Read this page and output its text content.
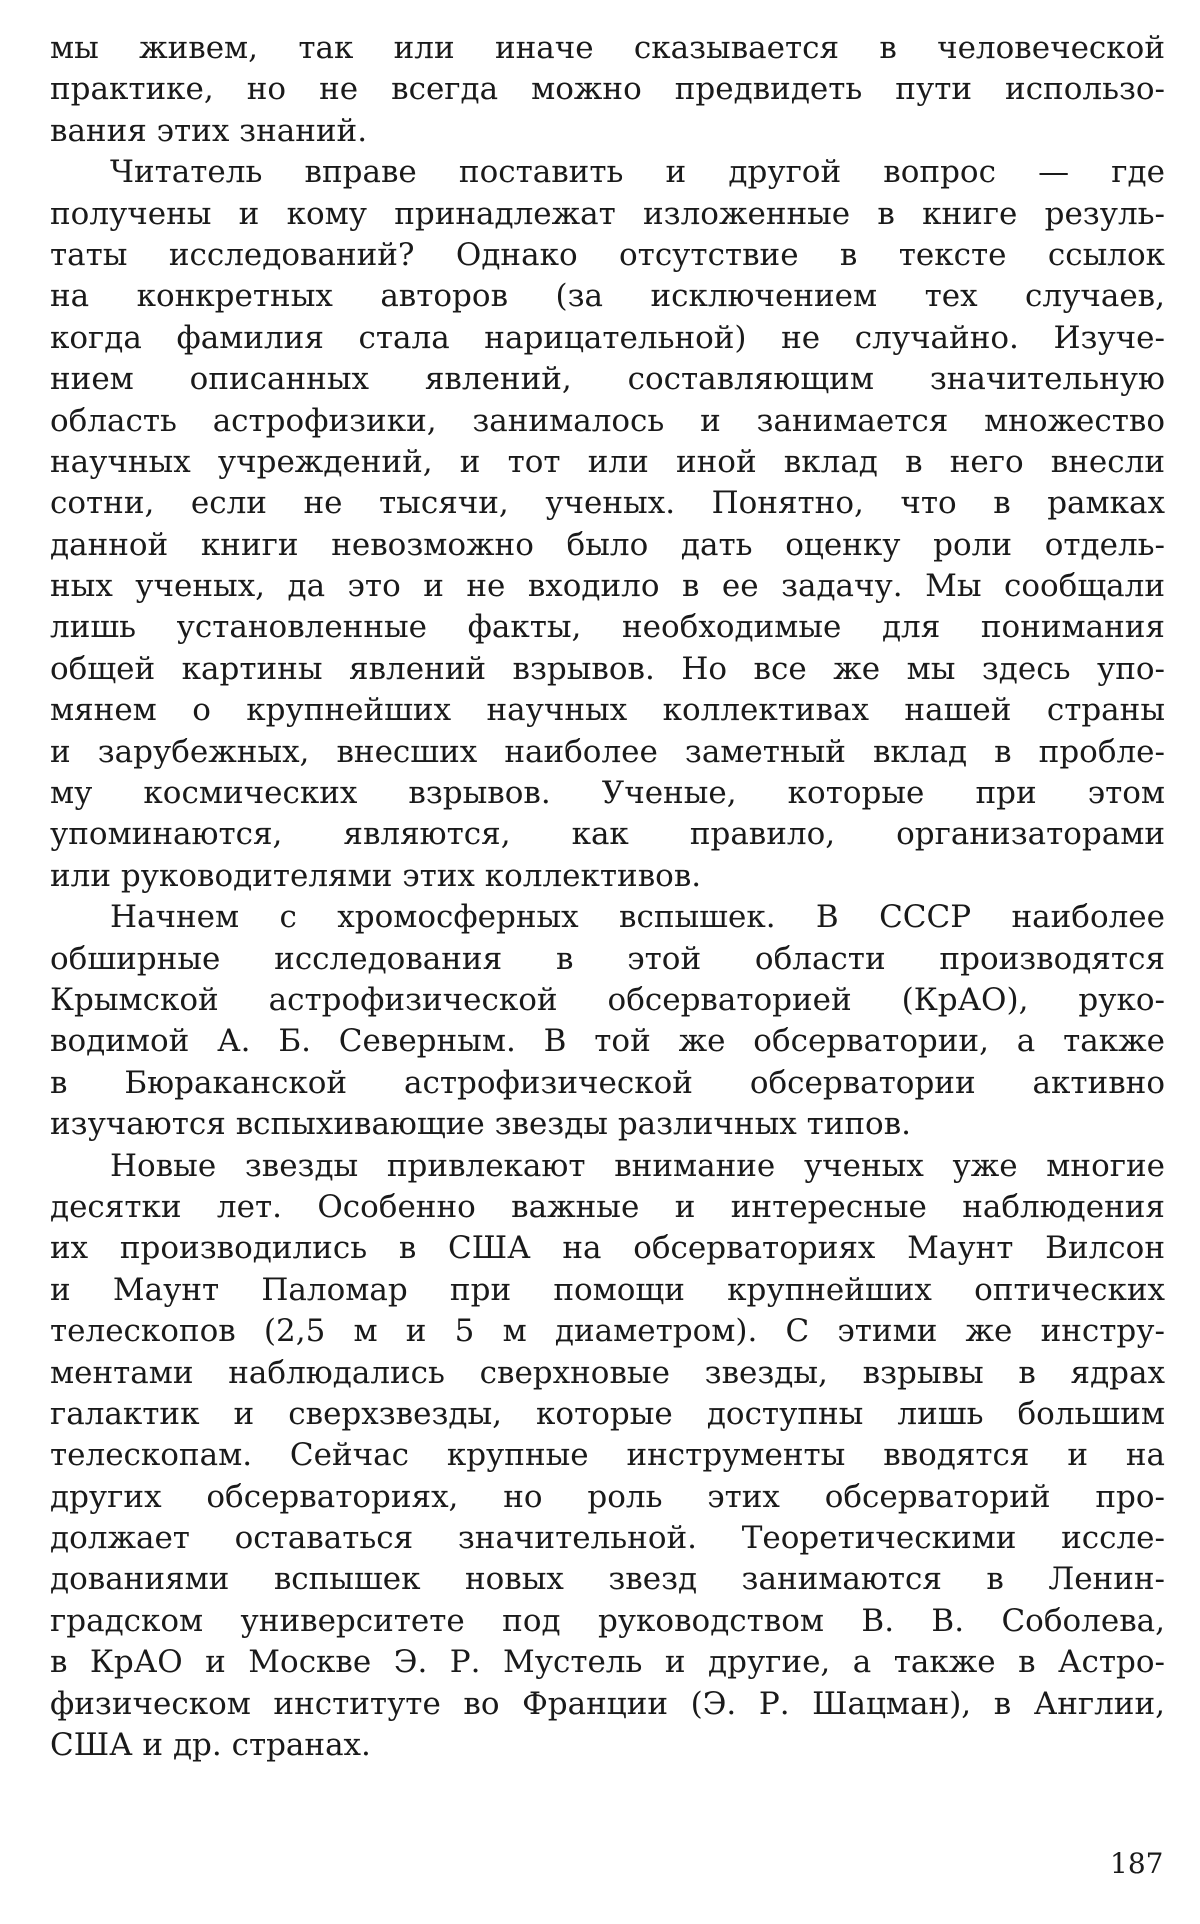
мы живем, так или иначе сказывается в человеческой
практике, но не всегда можно предвидеть пути использо-
вания этих знаний.
Читатель вправе поставить и другой вопрос — где
получены и кому принадлежат изложенные в книге резуль-
таты исследований? Однако отсутствие в тексте ссылок
на конкретных авторов (за исключением тех случаев,
когда фамилия стала нарицательной) не случайно. Изуче-
нием описанных явлений, составляющим значительную
область астрофизики, занималось и занимается множество
научных учреждений, и тот или иной вклад в него внесли
сотни, если не тысячи, ученых. Понятно, что в рамках
данной книги невозможно было дать оценку роли отдель-
ных ученых, да это и не входило в ее задачу. Мы сообщали
лишь установленные факты, необходимые для понимания
общей картины явлений взрывов. Но все же мы здесь упо-
мянем о крупнейших научных коллективах нашей страны
и зарубежных, внесших наиболее заметный вклад в пробле-
му космических взрывов. Ученые, которые при этом
упоминаются, являются, как правило, организаторами
или руководителями этих коллективов.
Начнем с хромосферных вспышек. В СССР наиболее
обширные исследования в этой области производятся
Крымской астрофизической обсерваторией (КрАО), руко-
водимой А. Б. Северным. В той же обсерватории, а также
в Бюраканской астрофизической обсерватории активно
изучаются вспыхивающие звезды различных типов.
Новые звезды привлекают внимание ученых уже многие
десятки лет. Особенно важные и интересные наблюдения
их производились в США на обсерваториях Маунт Вилсон
и Маунт Паломар при помощи крупнейших оптических
телескопов (2,5 м и 5 м диаметром). С этими же инстру-
ментами наблюдались сверхновые звезды, взрывы в ядрах
галактик и сверхзвезды, которые доступны лишь большим
телескопам. Сейчас крупные инструменты вводятся и на
других обсерваториях, но роль этих обсерваторий про-
должает оставаться значительной. Теоретическими иссле-
дованиями вспышек новых звезд занимаются в Ленин-
градском университете под руководством В. В. Соболева,
в КрАО и Москве Э. Р. Мустель и другие, а также в Астро-
физическом институте во Франции (Э. Р. Шацман), в Англии,
США и др. странах.
187
